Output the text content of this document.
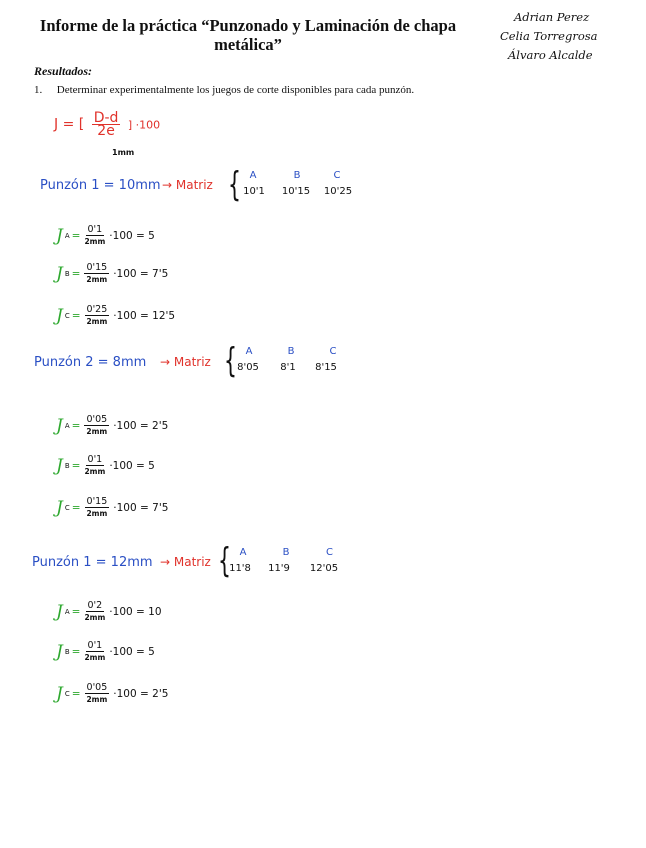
Informe de la práctica “Punzonado y Laminación de chapa
metálica”
Resultados:
1. Determinar experimentalmente los juegos de corte disponibles para cada punzón.
Adrian Perez
Celia Torregrosa
Álvaro Alcalde
J = [ $\frac{D-d}{2e}$ ] ·100
1mm
Punzón 1 = 10mm → Matriz { A	B	C
10'1	10'15	10'25
J A = 0'1
2mm ·100 = 5
J B = 0'15
2mm ·100 = 7'5
J C = 0'25
2mm ·100 = 12'5
Punzón 2 = 8mm → Matriz { A	B	C
8'05	8'1	8'15
J A = 0'05
2mm ·100 = 2'5
J B = 0'1
2mm ·100 = 5
J C = 0'15
2mm ·100 = 7'5
Punzón 1 = 12mm → Matriz { A	B	C
11'8	11'9	12'05
J A = 0'2
2mm ·100 = 10
J B = 0'1
2mm ·100 = 5
J C = 0'05
2mm ·100 = 2'5
